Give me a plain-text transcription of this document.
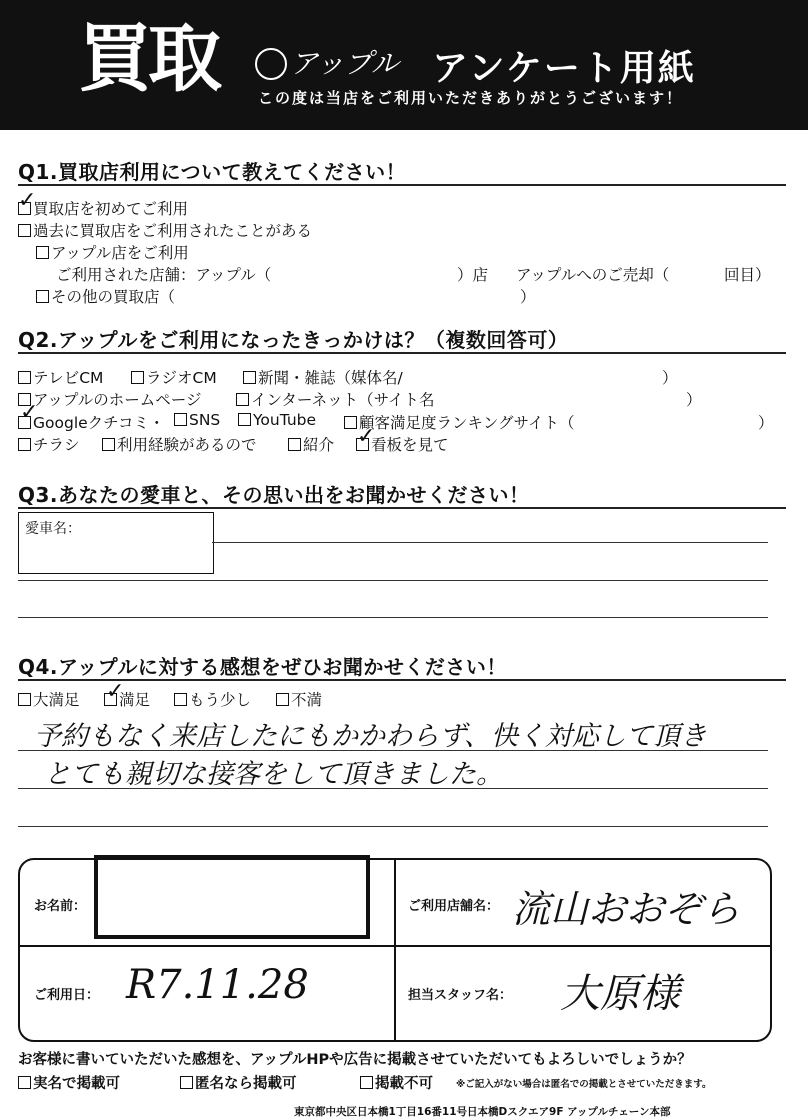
買取	アップル アンケート用紙
この度は当店をご利用いただきありがとうございます！
Q1.買取店利用について教えてください！
買取店を初めてご利用
✓
過去に買取店をご利用されたことがある
アップル店をご利用
ご利用された店舗：アップル（	）店 アップルへのご売却（	回目）
その他の買取店（	）
Q2.アップルをご利用になったきっかけは？（複数回答可）
テレビCM	ラジオCM	新聞・雑誌（媒体名/	）
アップルのホームページ	インターネット（サイト名	）
Googleクチコミ・
✓	SNS	YouTube	顧客満足度ランキングサイト（	）
チラシ	利用経験があるので	紹介	看板を見て
✓
Q3.あなたの愛車と、その思い出をお聞かせください！
愛車名：
Q4.アップルに対する感想をぜひお聞かせください！
大満足	満足
✓	もう少し	不満
予約もなく来店したにもかかわらず、快く対応して頂き
とても親切な接客をして頂きました。
お名前：	ご利用店舗名： 流山おおぞら
ご利用日： R7.11.28	担当スタッフ名： 大原様
お客様に書いていただいた感想を、アップルHPや広告に掲載させていただいてもよろしいでしょうか？
実名で掲載可	匿名なら掲載可	掲載不可 ※ご記入がない場合は匿名での掲載とさせていただきます。
東京都中央区日本橋1丁目16番11号日本橋Dスクエア9F アップルチェーン本部
